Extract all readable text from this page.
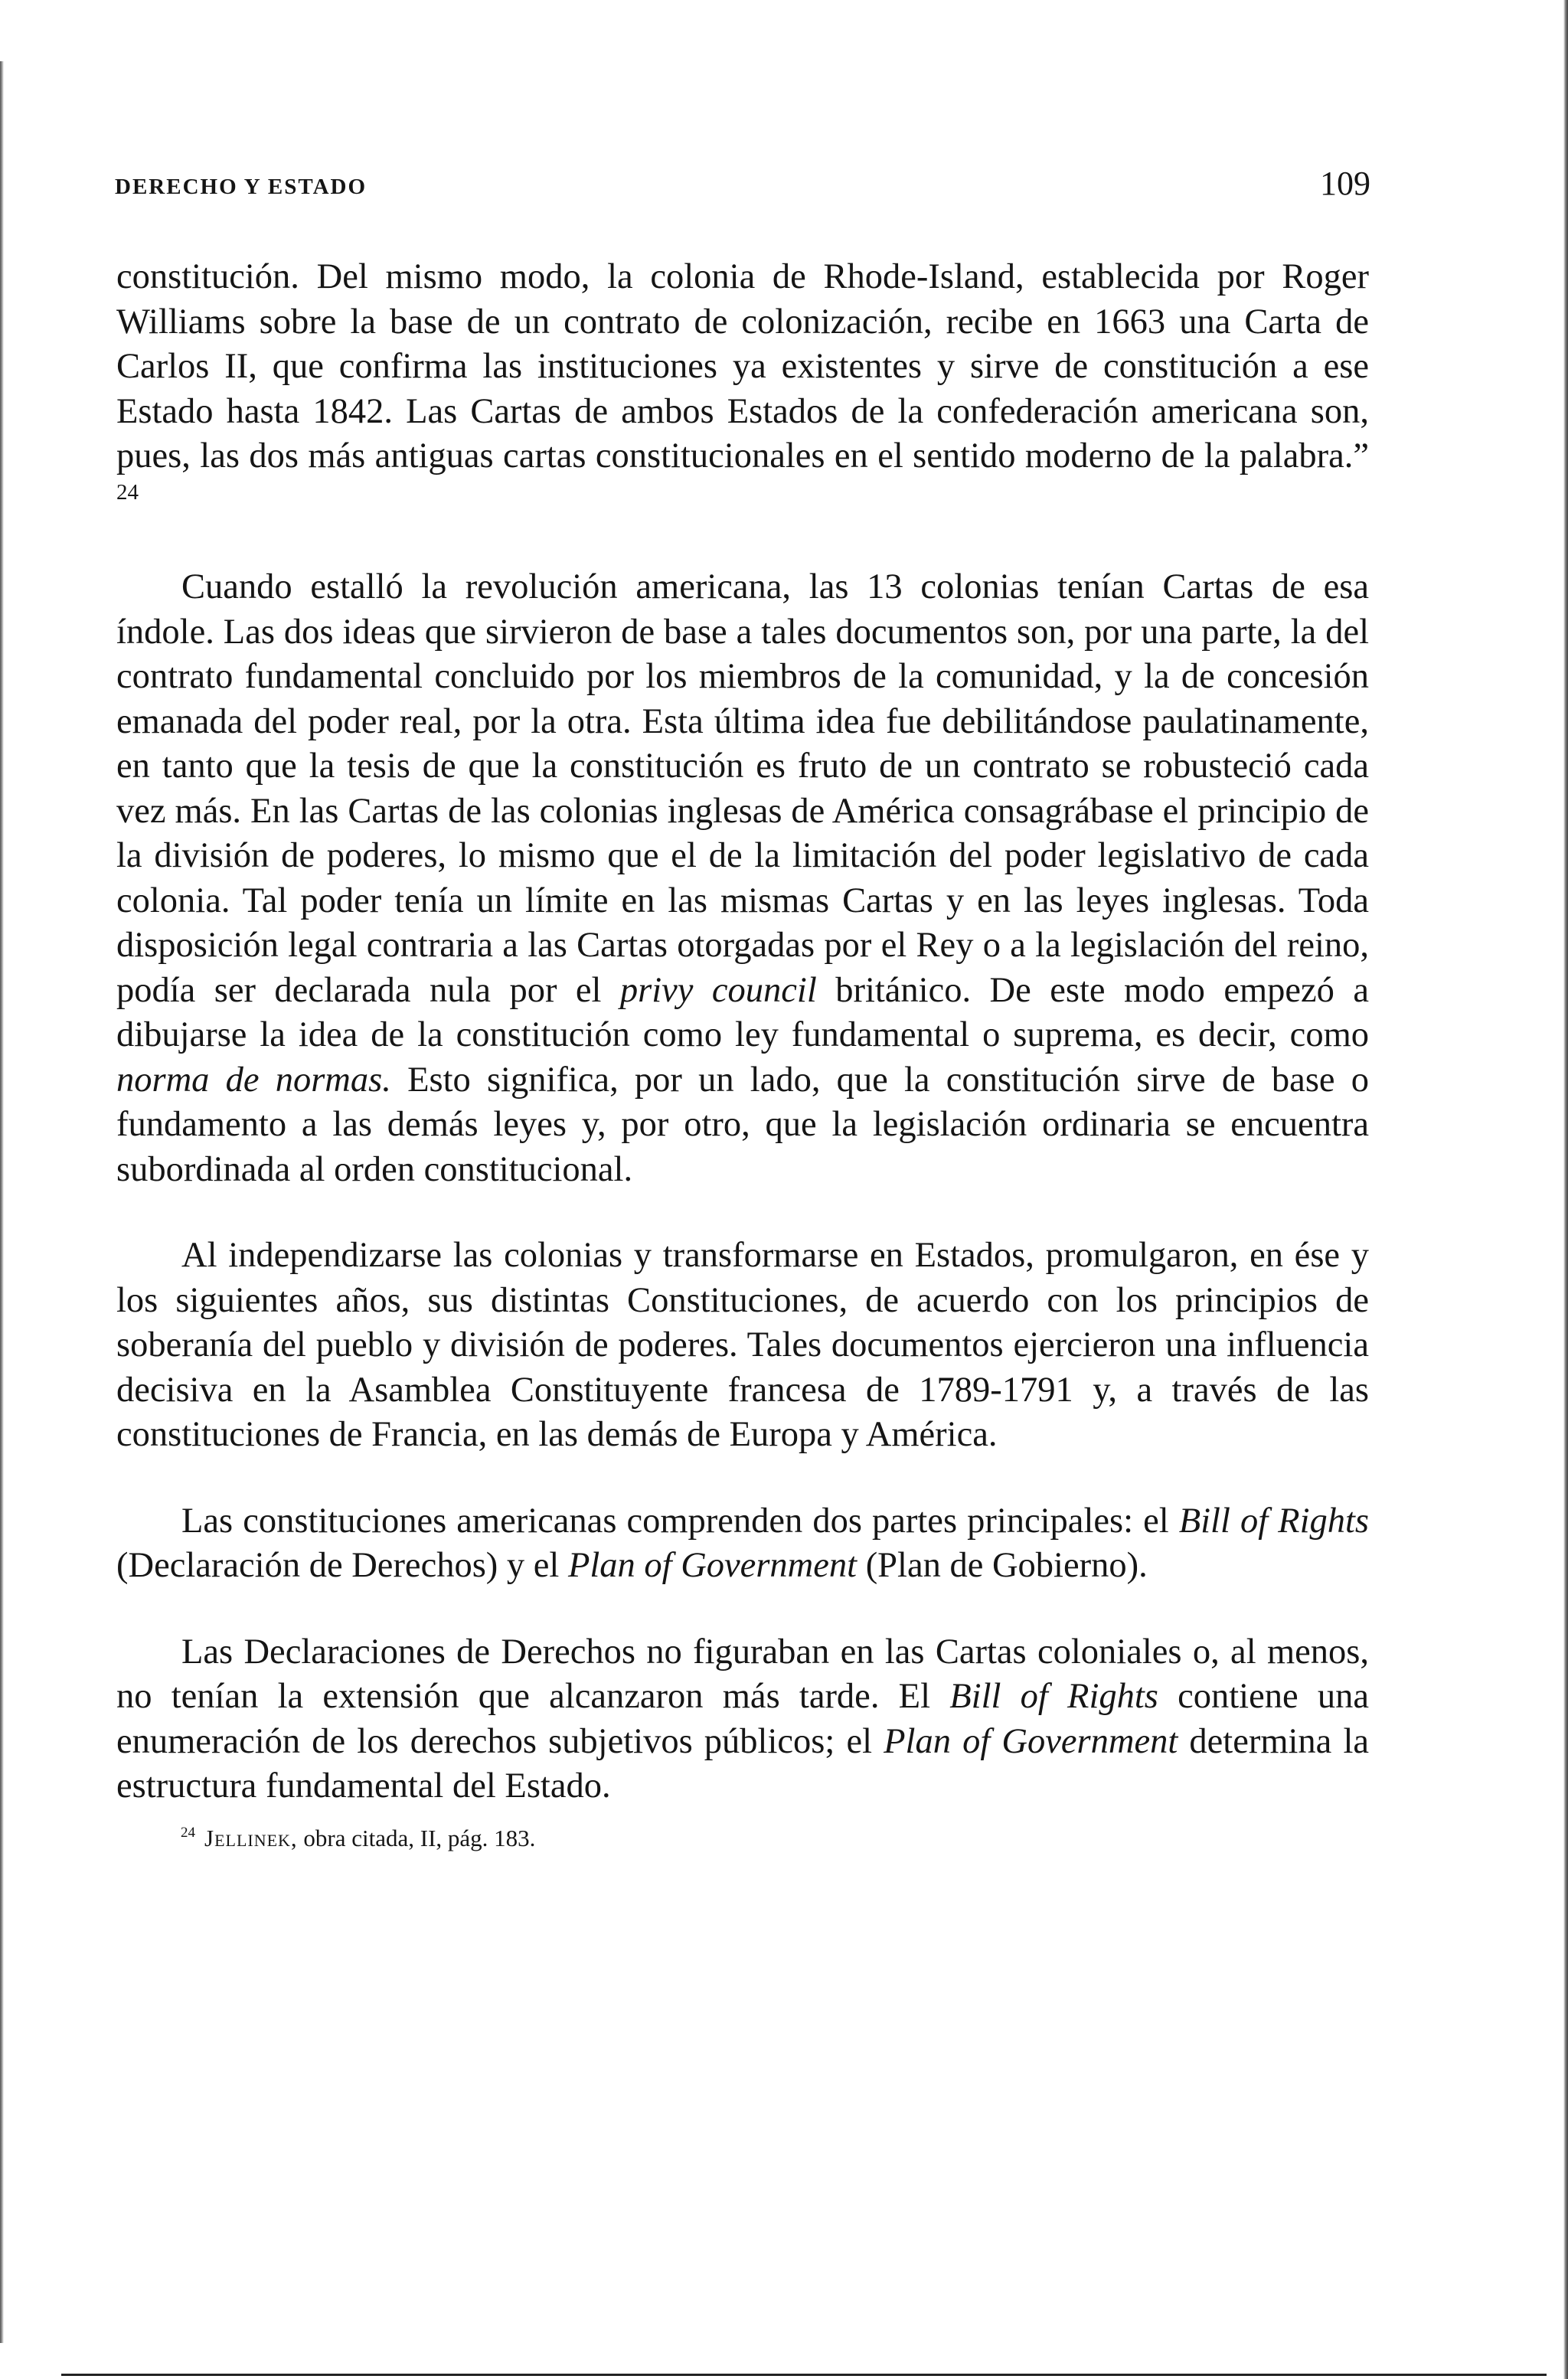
DERECHO Y ESTADO	109

constitución. Del mismo modo, la colonia de Rhode-Island, establecida por Roger Williams sobre la base de un contrato de colonización, recibe en 1663 una Carta de Carlos II, que confirma las instituciones ya existentes y sirve de constitución a ese Estado hasta 1842. Las Cartas de ambos Estados de la confederación americana son, pues, las dos más antiguas cartas constitucionales en el sentido moderno de la palabra.” $^{24}$

Cuando estalló la revolución americana, las 13 colonias tenían Cartas de esa índole. Las dos ideas que sirvieron de base a tales documentos son, por una parte, la del contrato fundamental concluido por los miembros de la comunidad, y la de concesión emanada del poder real, por la otra. Esta última idea fue debilitándose paulatinamente, en tanto que la tesis de que la constitución es fruto de un contrato se robusteció cada vez más. En las Cartas de las colonias inglesas de América consagrábase el principio de la división de poderes, lo mismo que el de la limitación del poder legislativo de cada colonia. Tal poder tenía un límite en las mismas Cartas y en las leyes inglesas. Toda disposición legal contraria a las Cartas otorgadas por el Rey o a la legislación del reino, podía ser declarada nula por el privy council británico. De este modo empezó a dibujarse la idea de la constitución como ley fundamental o suprema, es decir, como norma de normas. Esto significa, por un lado, que la constitución sirve de base o fundamento a las demás leyes y, por otro, que la legislación ordinaria se encuentra subordinada al orden constitucional.

Al independizarse las colonias y transformarse en Estados, promulgaron, en ése y los siguientes años, sus distintas Constituciones, de acuerdo con los principios de soberanía del pueblo y división de poderes. Tales documentos ejercieron una influencia decisiva en la Asamblea Constituyente francesa de 1789-1791 y, a través de las constituciones de Francia, en las demás de Europa y América.

Las constituciones americanas comprenden dos partes principales: el Bill of Rights (Declaración de Derechos) y el Plan of Government (Plan de Gobierno).

Las Declaraciones de Derechos no figuraban en las Cartas coloniales o, al menos, no tenían la extensión que alcanzaron más tarde. El Bill of Rights contiene una enumeración de los derechos subjetivos públicos; el Plan of Government determina la estructura fundamental del Estado.

$^{24}$ Jellinek, obra citada, II, pág. 183.
